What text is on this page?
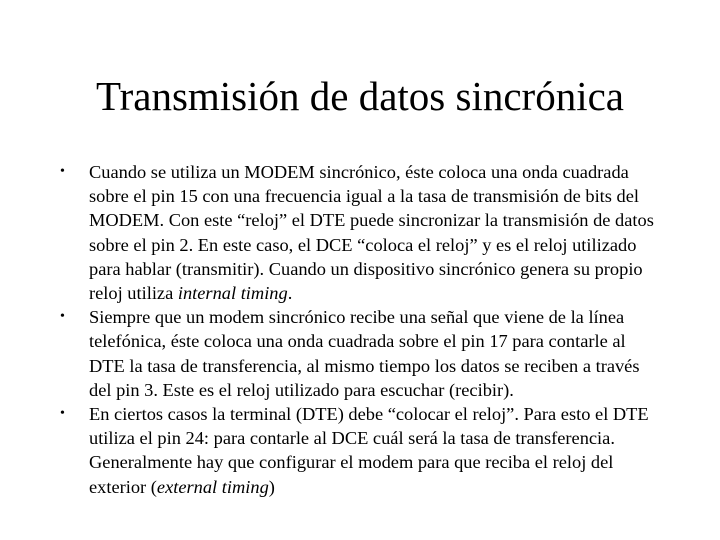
Transmisión de datos sincrónica
•	Cuando se utiliza un MODEM sincrónico, éste coloca una onda cuadrada sobre el pin 15 con una frecuencia igual a la tasa de transmisión de bits del MODEM. Con este “reloj” el DTE puede sincronizar la transmisión de datos sobre el pin 2. En este caso, el DCE “coloca el reloj” y es el reloj utilizado para hablar (transmitir). Cuando un dispositivo sincrónico genera su propio reloj utiliza internal timing.
•	Siempre que un modem sincrónico recibe una señal que viene de la línea telefónica, éste coloca una onda cuadrada sobre el pin 17 para contarle al DTE la tasa de transferencia, al mismo tiempo los datos se reciben a través del pin 3. Este es el reloj utilizado para escuchar (recibir).
•	En ciertos casos la terminal (DTE) debe “colocar el reloj”. Para esto el DTE utiliza el pin 24: para contarle al DCE cuál será la tasa de transferencia. Generalmente hay que configurar el modem para que reciba el reloj del exterior (external timing)
